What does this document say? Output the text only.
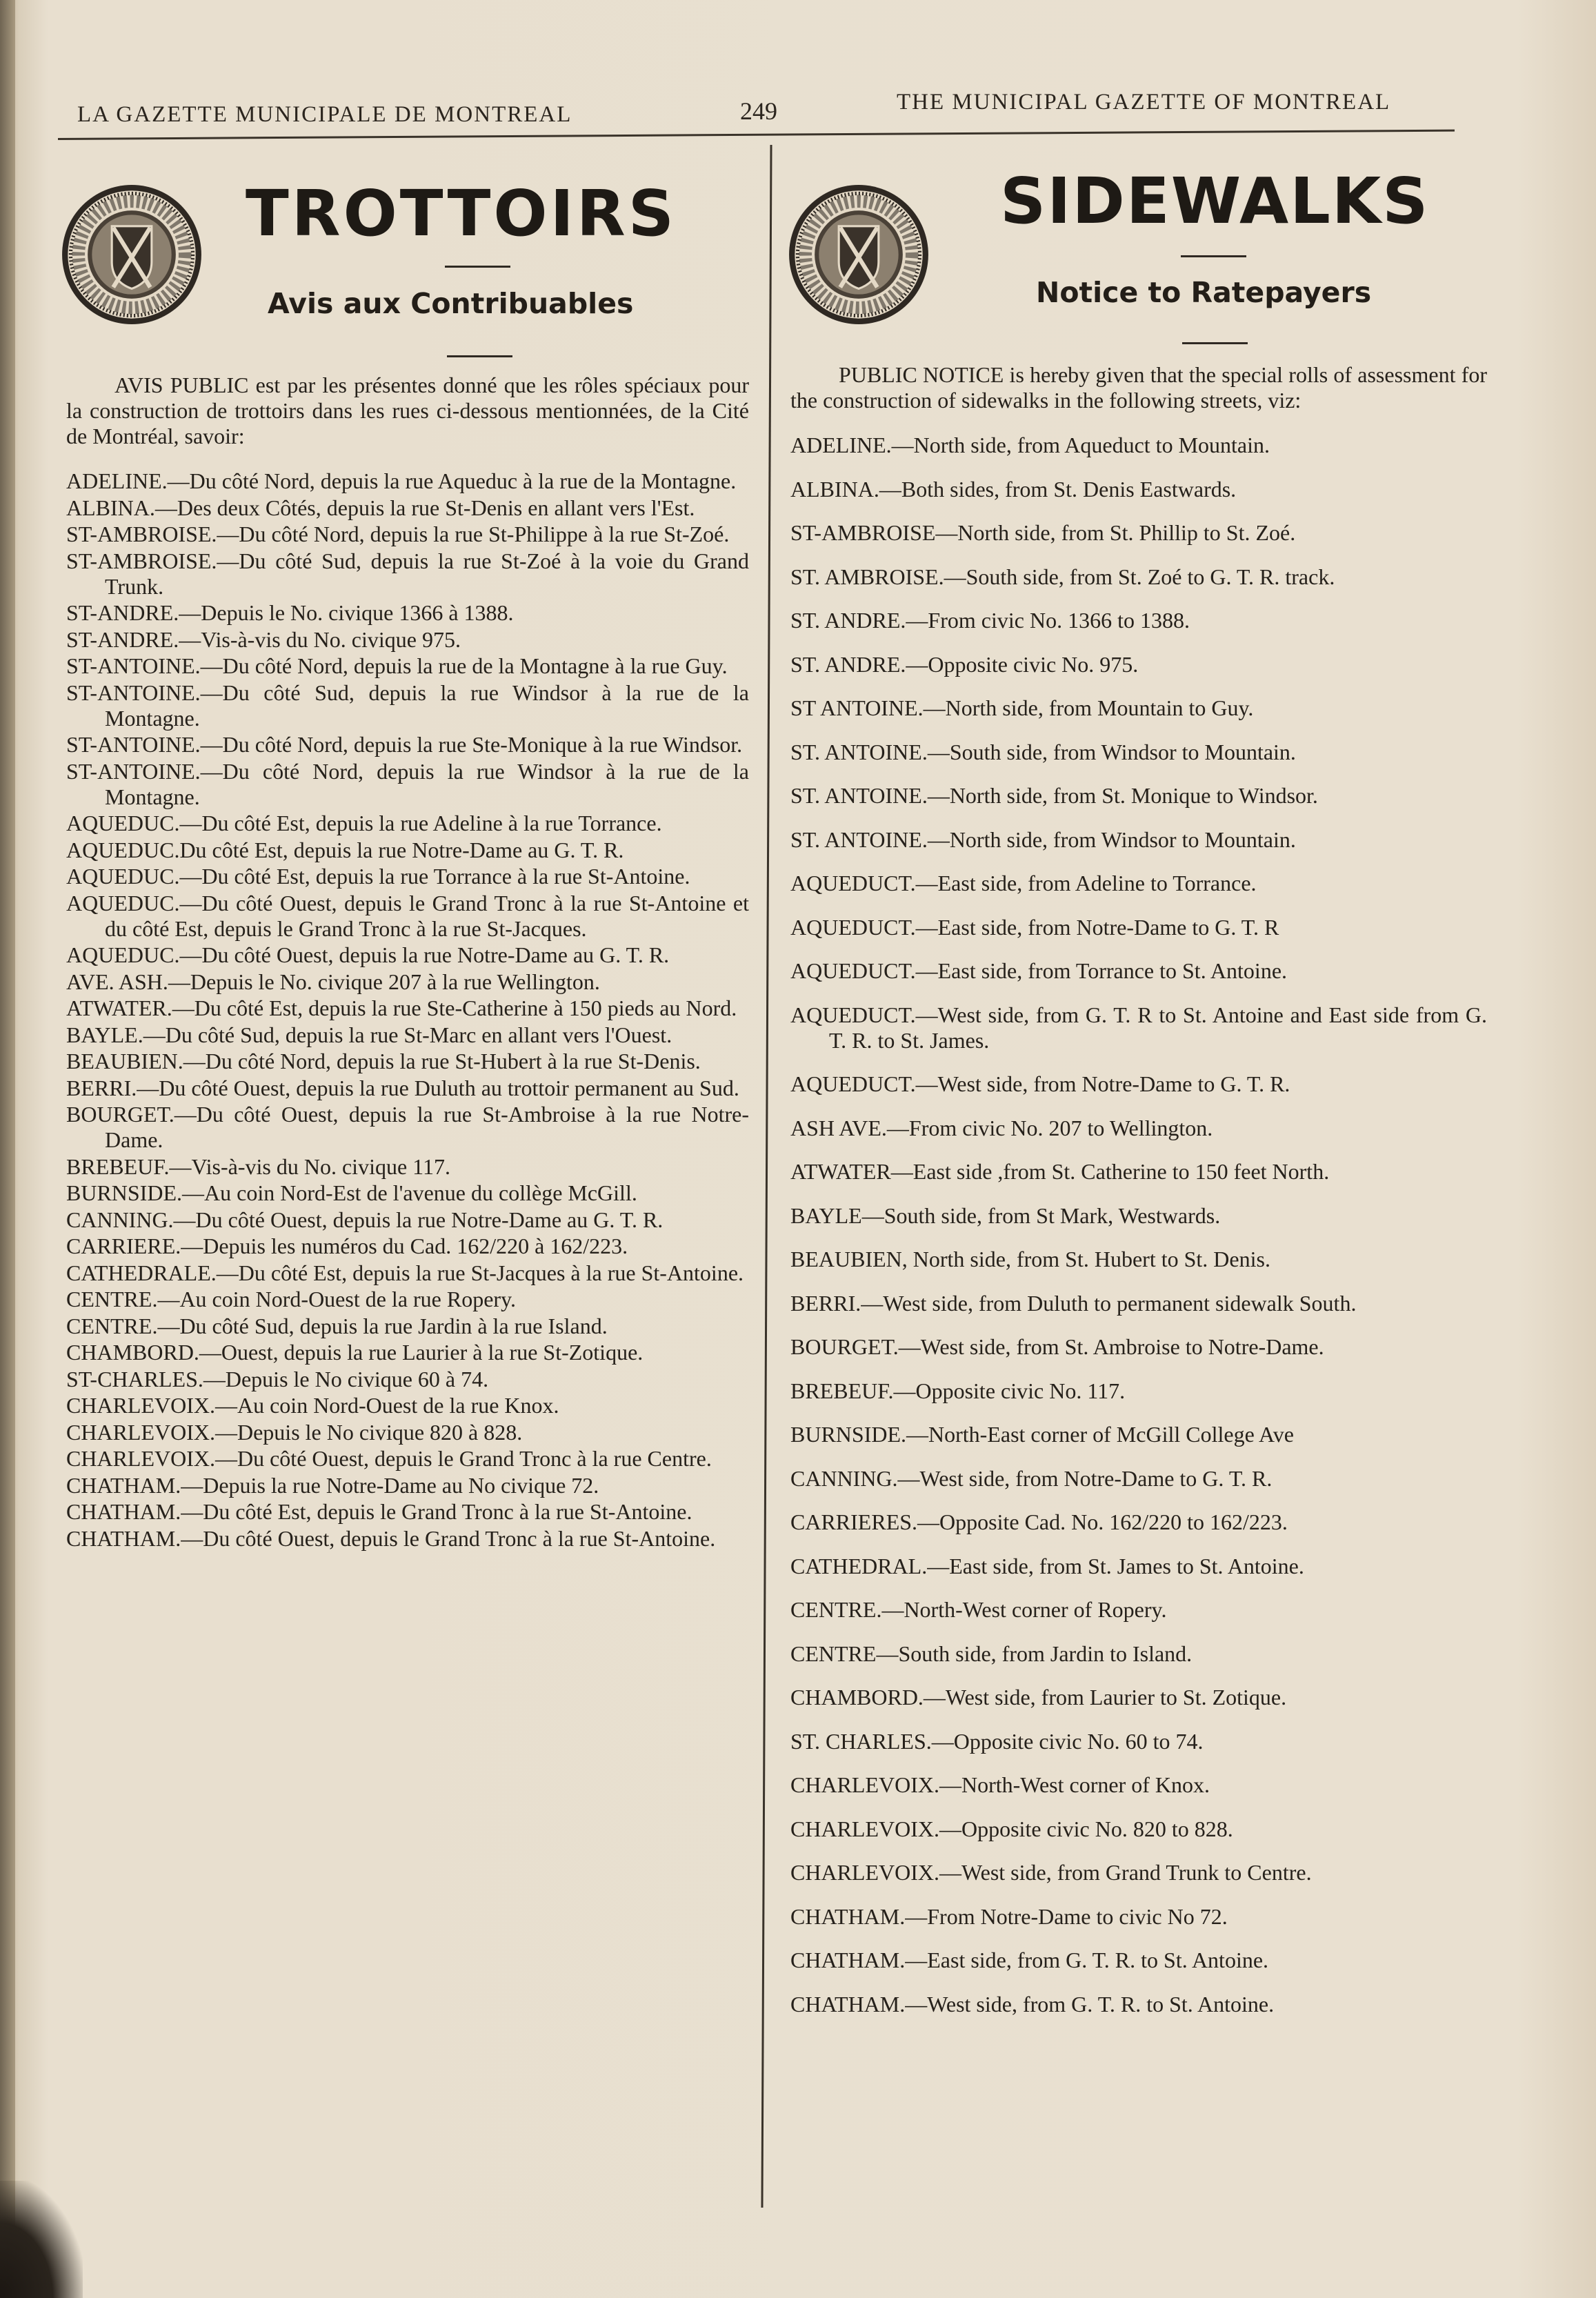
LA GAZETTE MUNICIPALE DE MONTREAL	249	THE MUNICIPAL GAZETTE OF MONTREAL
TROTTOIRS
Avis aux Contribuables
SIDEWALKS
Notice to Ratepayers

AVIS PUBLIC est par les présentes donné que les rôles spéciaux pour la construction de trottoirs dans les rues ci-dessous mentionnées, de la Cité de Montréal, savoir:

ADELINE.—Du côté Nord, depuis la rue Aqueduc à la rue de la Montagne.

ALBINA.—Des deux Côtés, depuis la rue St-Denis en allant vers l'Est.

ST-AMBROISE.—Du côté Nord, depuis la rue St-Philippe à la rue St-Zoé.

ST-AMBROISE.—Du côté Sud, depuis la rue St-Zoé à la voie du Grand Trunk.

ST-ANDRE.—Depuis le No. civique 1366 à 1388.

ST-ANDRE.—Vis-à-vis du No. civique 975.

ST-ANTOINE.—Du côté Nord, depuis la rue de la Montagne à la rue Guy.

ST-ANTOINE.—Du côté Sud, depuis la rue Windsor à la rue de la Montagne.

ST-ANTOINE.—Du côté Nord, depuis la rue Ste-Monique à la rue Windsor.

ST-ANTOINE.—Du côté Nord, depuis la rue Windsor à la rue de la Montagne.

AQUEDUC.—Du côté Est, depuis la rue Adeline à la rue Torrance.

AQUEDUC.Du côté Est, depuis la rue Notre-Dame au G. T. R.

AQUEDUC.—Du côté Est, depuis la rue Torrance à la rue St-Antoine.

AQUEDUC.—Du côté Ouest, depuis le Grand Tronc à la rue St-Antoine et du côté Est, depuis le Grand Tronc à la rue St-Jacques.

AQUEDUC.—Du côté Ouest, depuis la rue Notre-Dame au G. T. R.

AVE. ASH.—Depuis le No. civique 207 à la rue Wellington.

ATWATER.—Du côté Est, depuis la rue Ste-Catherine à 150 pieds au Nord.

BAYLE.—Du côté Sud, depuis la rue St-Marc en allant vers l'Ouest.

BEAUBIEN.—Du côté Nord, depuis la rue St-Hubert à la rue St-Denis.

BERRI.—Du côté Ouest, depuis la rue Duluth au trottoir permanent au Sud.

BOURGET.—Du côté Ouest, depuis la rue St-Ambroise à la rue Notre-Dame.

BREBEUF.—Vis-à-vis du No. civique 117.

BURNSIDE.—Au coin Nord-Est de l'avenue du collège McGill.

CANNING.—Du côté Ouest, depuis la rue Notre-Dame au G. T. R.

CARRIERE.—Depuis les numéros du Cad. 162/220 à 162/223.

CATHEDRALE.—Du côté Est, depuis la rue St-Jacques à la rue St-Antoine.

CENTRE.—Au coin Nord-Ouest de la rue Ropery.

CENTRE.—Du côté Sud, depuis la rue Jardin à la rue Island.

CHAMBORD.—Ouest, depuis la rue Laurier à la rue St-Zotique.

ST-CHARLES.—Depuis le No civique 60 à 74.

CHARLEVOIX.—Au coin Nord-Ouest de la rue Knox.

CHARLEVOIX.—Depuis le No civique 820 à 828.

CHARLEVOIX.—Du côté Ouest, depuis le Grand Tronc à la rue Centre.

CHATHAM.—Depuis la rue Notre-Dame au No civique 72.

CHATHAM.—Du côté Est, depuis le Grand Tronc à la rue St-Antoine.

CHATHAM.—Du côté Ouest, depuis le Grand Tronc à la rue St-Antoine.

PUBLIC NOTICE is hereby given that the special rolls of assessment for the construction of sidewalks in the following streets, viz:

ADELINE.—North side, from Aqueduct to Mountain.

ALBINA.—Both sides, from St. Denis Eastwards.

ST-AMBROISE—North side, from St. Phillip to St. Zoé.

ST. AMBROISE.—South side, from St. Zoé to G. T. R. track.

ST. ANDRE.—From civic No. 1366 to 1388.

ST. ANDRE.—Opposite civic No. 975.

ST ANTOINE.—North side, from Mountain to Guy.

ST. ANTOINE.—South side, from Windsor to Mountain.

ST. ANTOINE.—North side, from St. Monique to Windsor.

ST. ANTOINE.—North side, from Windsor to Mountain.

AQUEDUCT.—East side, from Adeline to Torrance.

AQUEDUCT.—East side, from Notre-Dame to G. T. R

AQUEDUCT.—East side, from Torrance to St. Antoine.

AQUEDUCT.—West side, from G. T. R to St. Antoine and East side from G. T. R. to St. James.

AQUEDUCT.—West side, from Notre-Dame to G. T. R.

ASH AVE.—From civic No. 207 to Wellington.

ATWATER—East side ,from St. Catherine to 150 feet North.

BAYLE—South side, from St Mark, Westwards.

BEAUBIEN, North side, from St. Hubert to St. Denis.

BERRI.—West side, from Duluth to permanent sidewalk South.

BOURGET.—West side, from St. Ambroise to Notre-Dame.

BREBEUF.—Opposite civic No. 117.

BURNSIDE.—North-East corner of McGill College Ave

CANNING.—West side, from Notre-Dame to G. T. R.

CARRIERES.—Opposite Cad. No. 162/220 to 162/223.

CATHEDRAL.—East side, from St. James to St. Antoine.

CENTRE.—North-West corner of Ropery.

CENTRE—South side, from Jardin to Island.

CHAMBORD.—West side, from Laurier to St. Zotique.

ST. CHARLES.—Opposite civic No. 60 to 74.

CHARLEVOIX.—North-West corner of Knox.

CHARLEVOIX.—Opposite civic No. 820 to 828.

CHARLEVOIX.—West side, from Grand Trunk to Centre.

CHATHAM.—From Notre-Dame to civic No 72.

CHATHAM.—East side, from G. T. R. to St. Antoine.

CHATHAM.—West side, from G. T. R. to St. Antoine.
